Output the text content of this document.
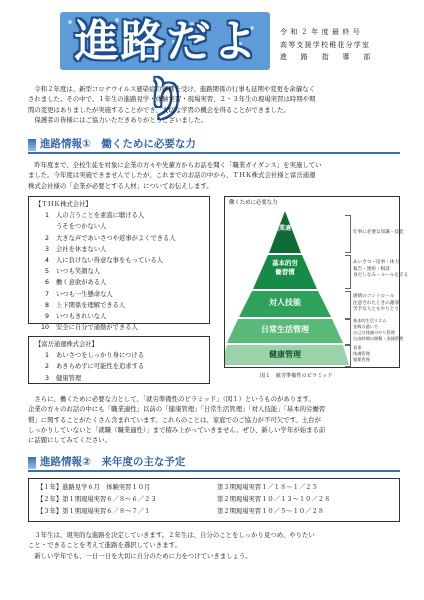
進路だより
令和２年度最終号
高等支援学校稚花分学室
進　路　指　導　部
　令和２年度は、新型コロナウイルス感染症の影響を受け、進路関係の行事も延期や変更を余儀なく
されました。その中で、１年生の進路見学・体験実習・現場実習、２・３年生の現場実習は時期や期
間の変更はありましたが実施することができ、大切な学習の機会を得ることができました。
　保護者の皆様にはご協力いただきありがとうございました。
進路情報①　働くために必要な力
　昨年度まで、全校生徒を対象に企業の方々や先輩方からお話を聞く「職業ガイダンス」を実施してい
ました。今年度は実施できませんでしたが、これまでのお話の中から、ＴＨＫ株式会社様と富岳通運
株式会社様の「企業が必要とする人材」についてお伝えします。
【ＴＨＫ株式会社】
1 人の言うことを素直に聴ける人
うそをつかない人
2 大きな声であいさつや返事がよくできる人
3 会社を休まない人
4 人に負けない得意な事をもっている人
5 いつも笑顔な人
6 働く意欲がある人
7 いつも一生懸命な人
8 上下関係を理解できる人
9 いつもきれいな人
10 安全に自分で通勤ができる人
【富岳通運株式会社】
1 あいさつをしっかり身につける
2 あきらめずに可能性を追求する
3 健康管理
働くために必要な力
職業適性
基本的労働習慣
対人技能
日常生活管理
健康管理
仕事に必要な知識・技能
あいさつ・返事・体力
報告・連絡・相談
身だしなみ・ルールを守る
感情のコントロール
注意されたときの謝罪
苦手な人ともやりとり
基本的生活リズム
金銭の遣い方
自己の体調のやり管理
自由時間の移動・金銭管理
食事
体調管理
服薬管理
図１　就労準備性のピラミッド
　さらに、働くために必要な力として、「就労準備性のピラミッド」（図１）というものがあります。
企業の方々のお話の中にも「職業適性」以前の「健康管理」「日常生活管理」「対人技能」「基本的労働習
慣」に関することがたくさん含まれています。これらのことは、家庭でのご協力が不可欠です。土台が
しっかりしていないと「就職（職業適性）」まで積み上がっていきません。ぜひ、新しい学年が始まる前
に話題にしてみてください。
進路情報②　来年度の主な予定
【１年】進路見学６月　体験実習１０月	第３期現場実習１／１８～１／２５
【２年】第１期現場実習６／８～６／２３	第２期現場実習１０／１３～１０／２８
【３年】第１期現場実習６／８～７／１	第２期現場実習１０／５～１０／２８
　３年生は、現実的な進路を決定していきます。２年生は、自分のことをしっかり見つめ、やりたい
こと・できることを考えて進路を選択していきます。
　新しい学年でも、一日一日を大切に自分のために力をつけていきましょう。
